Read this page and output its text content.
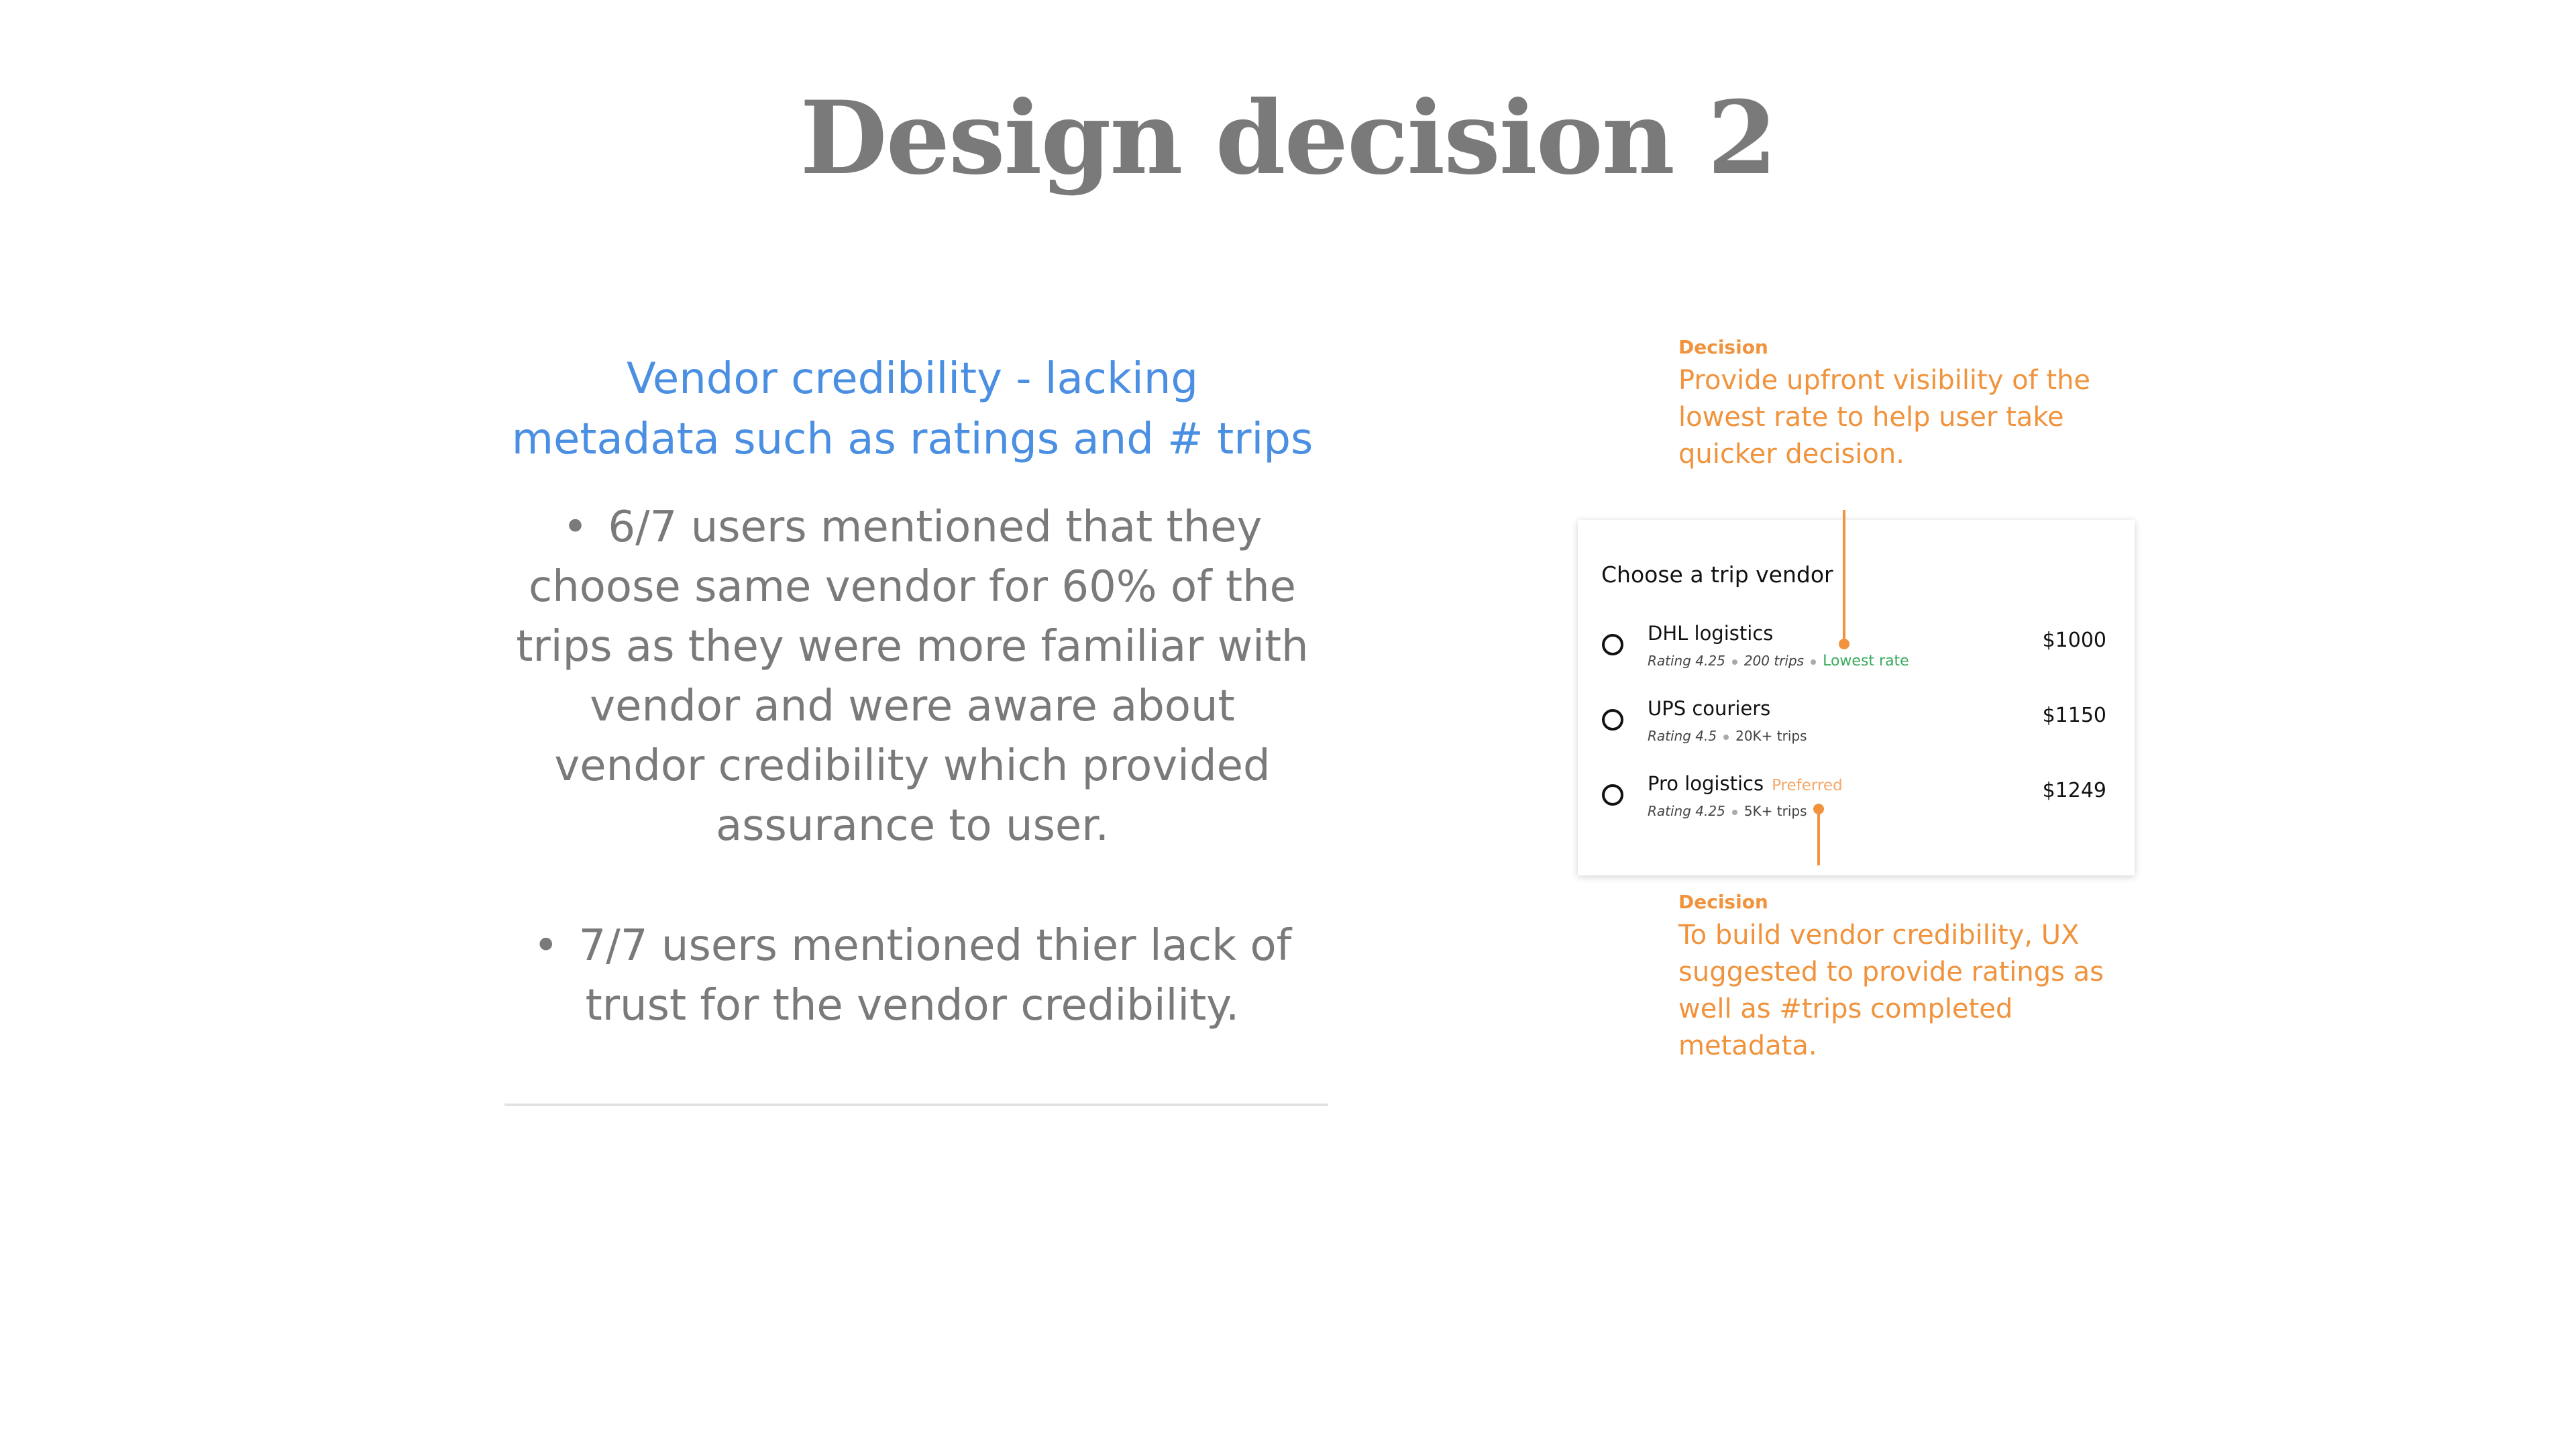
Design decision 2

Vendor credibility - lacking
metadata such as ratings and # trips

• 6/7 users mentioned that they
choose same vendor for 60% of the
trips as they were more familiar with
vendor and were aware about
vendor credibility which provided
assurance to user.
• 7/7 users mentioned thier lack of
trust for the vendor credibility.
Decision
Provide upfront visibility of the
lowest rate to help user take
quicker decision.
Choose a trip vendor
DHL logistics
Rating 4.25 200 trips Lowest rate
$1000
UPS couriers
Rating 4.5 20K+ trips
$1150
Pro logistics Preferred
Rating 4.25 5K+ trips
$1249
Decision
To build vendor credibility, UX
suggested to provide ratings as
well as #trips completed
metadata.
